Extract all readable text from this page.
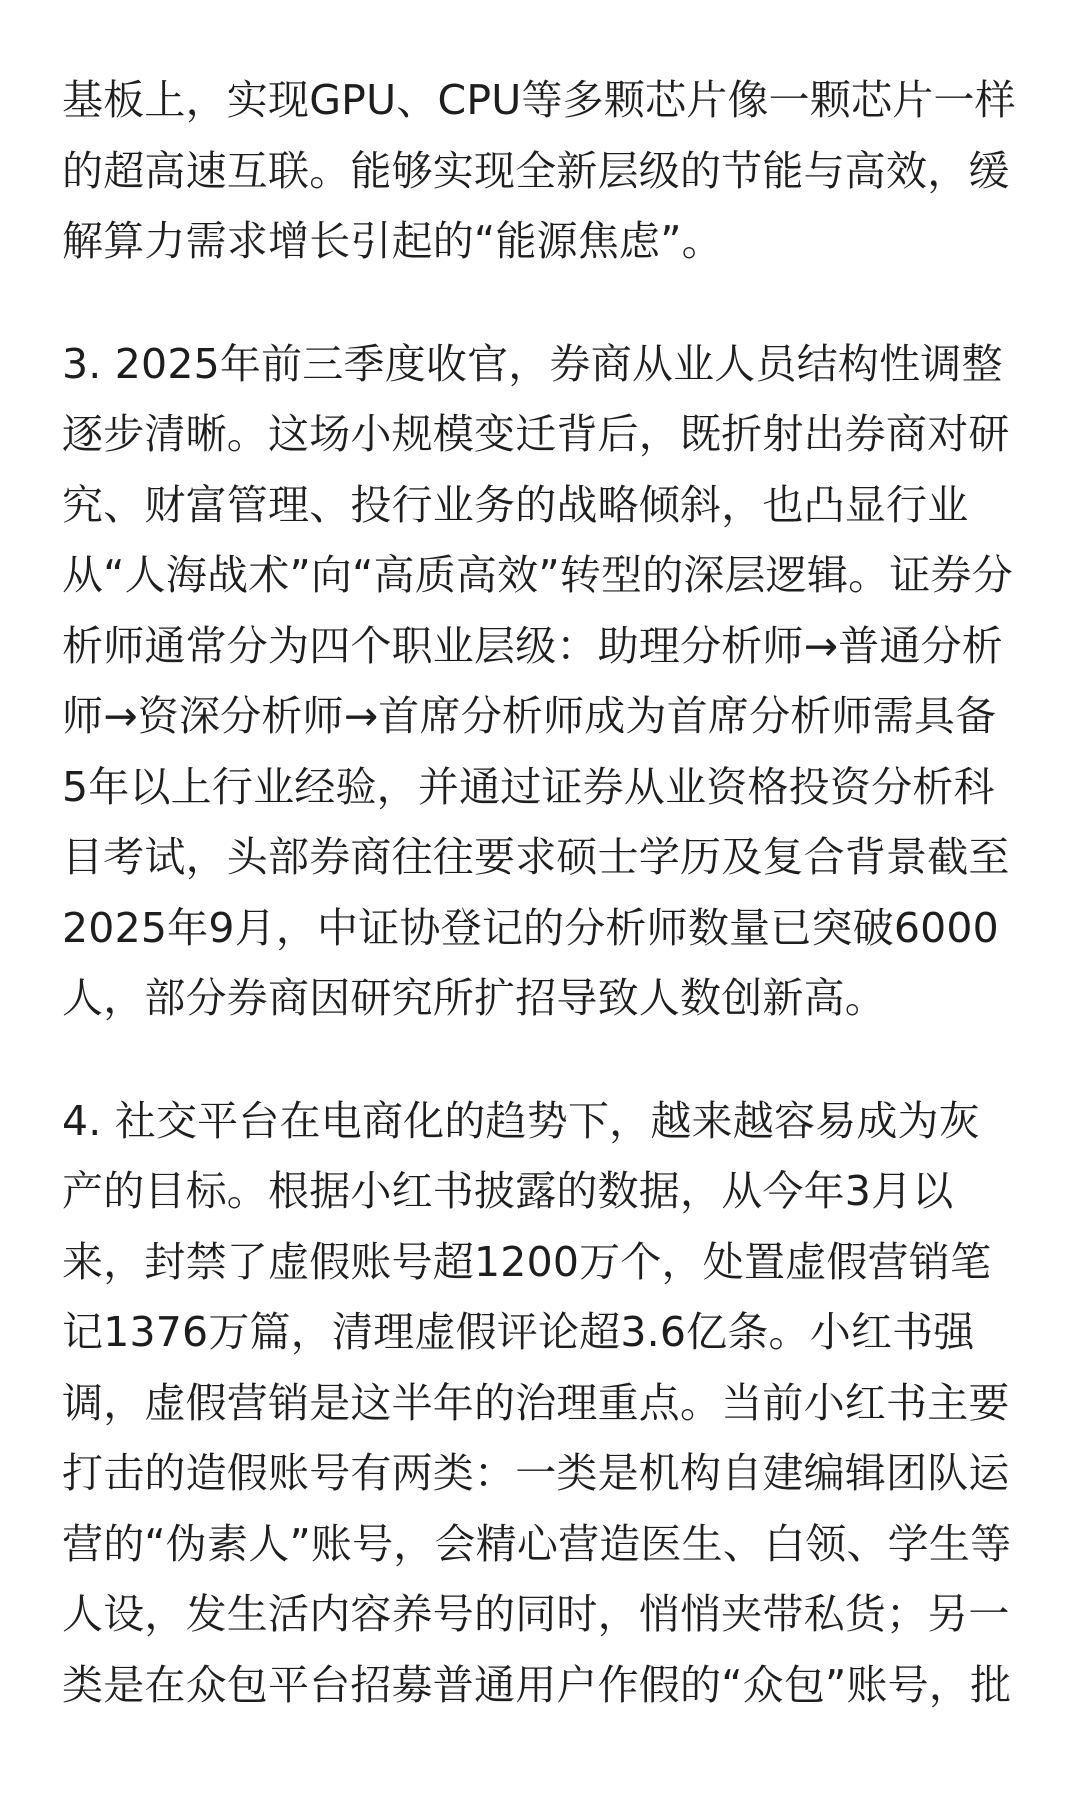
基板上，实现GPU、CPU等多颗芯片像一颗芯片一样
的超高速互联。能够实现全新层级的节能与高效，缓
解算力需求增长引起的“能源焦虑”。
3. 2025年前三季度收官，券商从业人员结构性调整
逐步清晰。这场小规模变迁背后，既折射出券商对研
究、财富管理、投行业务的战略倾斜，也凸显行业
从“人海战术”向“高质高效”转型的深层逻辑。证券分
析师通常分为四个职业层级：助理分析师→普通分析
师→资深分析师→首席分析师成为首席分析师需具备
5年以上行业经验，并通过证券从业资格投资分析科
目考试，头部券商往往要求硕士学历及复合背景截至
2025年9月，中证协登记的分析师数量已突破6000
人，部分券商因研究所扩招导致人数创新高。
4. 社交平台在电商化的趋势下，越来越容易成为灰
产的目标。根据小红书披露的数据，从今年3月以
来，封禁了虚假账号超1200万个，处置虚假营销笔
记1376万篇，清理虚假评论超3.6亿条。小红书强
调，虚假营销是这半年的治理重点。当前小红书主要
打击的造假账号有两类：一类是机构自建编辑团队运
营的“伪素人”账号，会精心营造医生、白领、学生等
人设，发生活内容养号的同时，悄悄夹带私货；另一
类是在众包平台招募普通用户作假的“众包”账号，批
